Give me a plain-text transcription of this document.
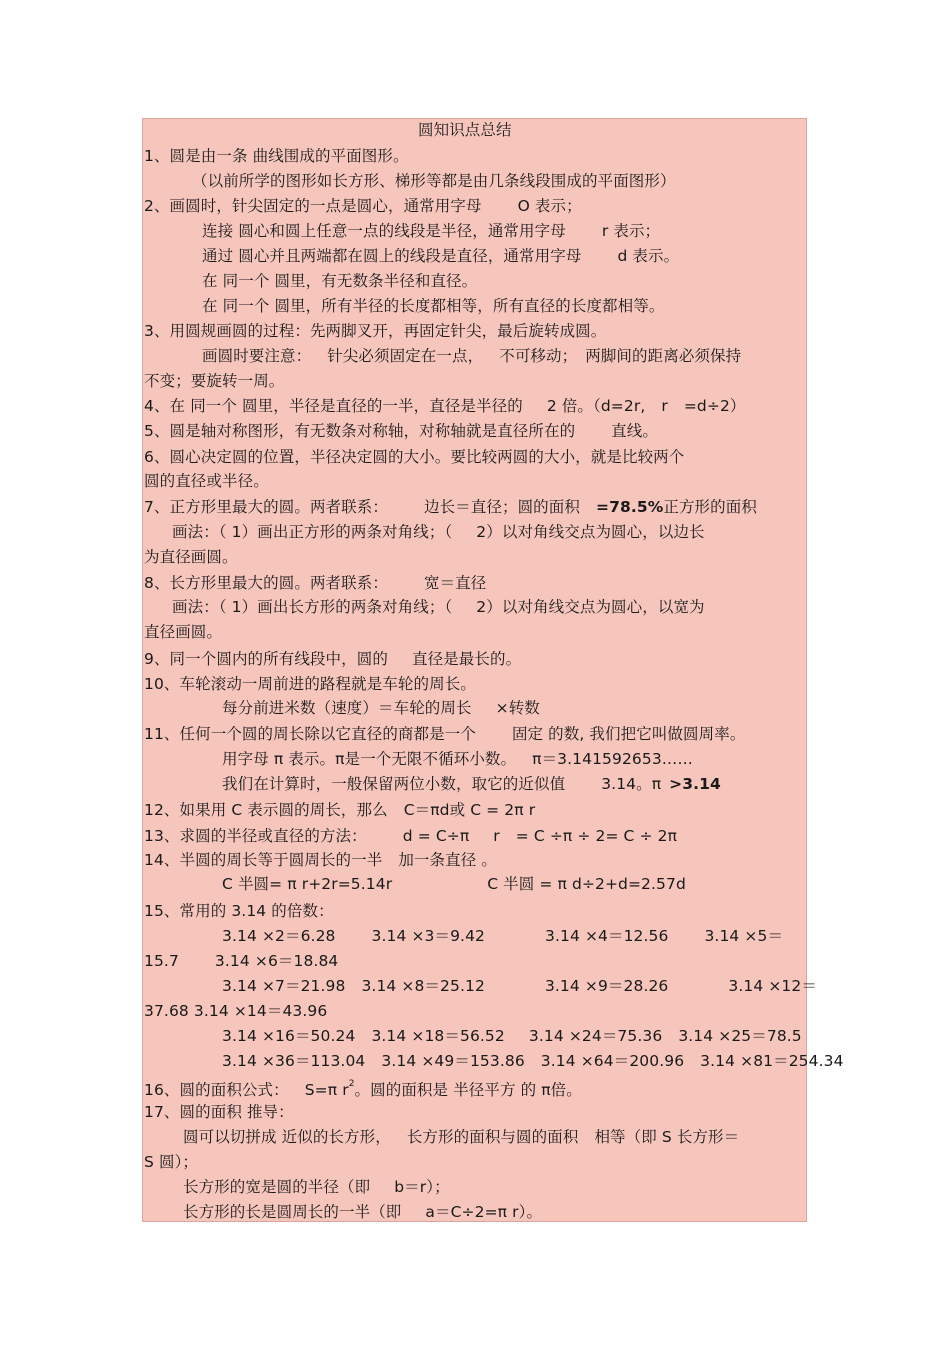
圆知识点总结
1、圆是由一条 曲线围成的平面图形。
（以前所学的图形如长方形、梯形等都是由几条线段围成的平面图形）
2、画圆时，针尖固定的一点是圆心，通常用字母 O 表示；
连接 圆心和圆上任意一点的线段是半径，通常用字母 r 表示；
通过 圆心并且两端都在圆上的线段是直径，通常用字母 d 表示。
在 同一个 圆里，有无数条半径和直径。
在 同一个 圆里，所有半径的长度都相等，所有直径的长度都相等。
3、用圆规画圆的过程：先两脚叉开，再固定针尖，最后旋转成圆。
画圆时要注意： 针尖必须固定在一点， 不可移动； 两脚间的距离必须保持
不变；要旋转一周。
4、在 同一个 圆里，半径是直径的一半，直径是半径的 2 倍。（d=2r, r =d÷2）
5、圆是轴对称图形，有无数条对称轴，对称轴就是直径所在的 直线。
6、圆心决定圆的位置，半径决定圆的大小。要比较两圆的大小，就是比较两个
圆的直径或半径。
7、正方形里最大的圆。两者联系： 边长＝直径；圆的面积 =78.5%正方形的面积
画法：（ 1）画出正方形的两条对角线；（ 2）以对角线交点为圆心，以边长
为直径画圆。
8、长方形里最大的圆。两者联系： 宽＝直径
画法：（ 1）画出长方形的两条对角线；（ 2）以对角线交点为圆心，以宽为
直径画圆。
9、同一个圆内的所有线段中，圆的 直径是最长的。
10、车轮滚动一周前进的路程就是车轮的周长。
每分前进米数（速度）＝车轮的周长 ×转数
11、任何一个圆的周长除以它直径的商都是一个 固定 的数, 我们把它叫做圆周率。
用字母 π 表示。π是一个无限不循环小数。 π＝3.141592653……
我们在计算时，一般保留两位小数，取它的近似值 3.14。π >3.14
12、如果用 C 表示圆的周长，那么 C＝πd或 C = 2π r
13、求圆的半径或直径的方法： d = C÷π r = C ÷π ÷ 2= C ÷ 2π
14、半圆的周长等于圆周长的一半 加一条直径 。
C 半圆= π r+2r=5.14r	C 半圆 = π d÷2+d=2.57d
15、常用的 3.14 的倍数：
3.14 ×2＝6.28 3.14 ×3＝9.42	3.14 ×4＝12.56 3.14 ×5＝
15.7 3.14 ×6＝18.84
3.14 ×7＝21.98 3.14 ×8＝25.12	3.14 ×9＝28.26	3.14 ×12＝
37.68 3.14 ×14＝43.96
3.14 ×16＝50.24 3.14 ×18＝56.52 3.14 ×24＝75.36 3.14 ×25＝78.5
3.14 ×36＝113.04 3.14 ×49＝153.86 3.14 ×64＝200.96 3.14 ×81＝254.34
16、圆的面积公式： S=π $r^2$。圆的面积是 半径平方 的 π倍。
17、圆的面积 推导：
圆可以切拼成 近似的长方形， 长方形的面积与圆的面积 相等（即 S 长方形＝
S 圆）；
长方形的宽是圆的半径（即 b＝r）；
长方形的长是圆周长的一半（即 a＝C÷2=π r）。
